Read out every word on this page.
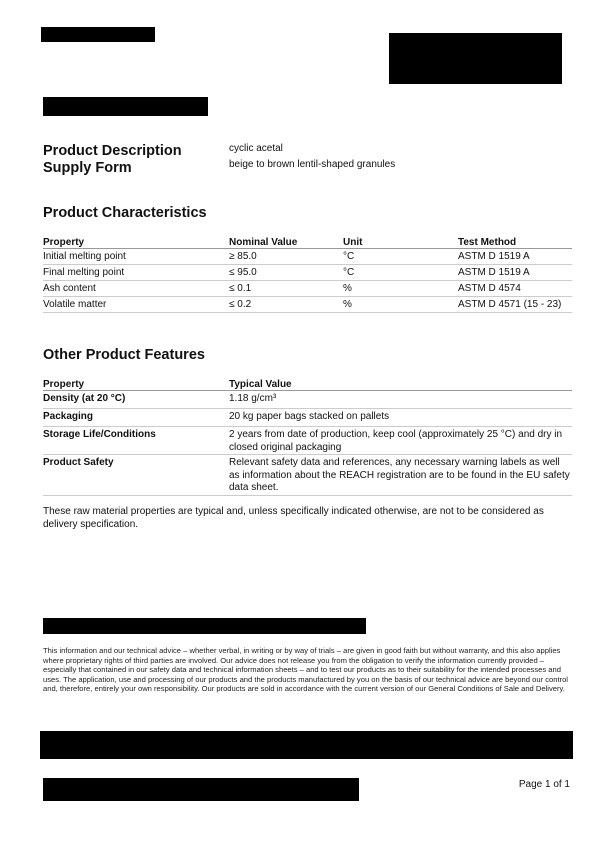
Product Description
Supply Form
cyclic acetal
beige to brown lentil-shaped granules
Product Characteristics
Property	Nominal Value	Unit	Test Method
Initial melting point	≥ 85.0	°C	ASTM D 1519 A
Final melting point	≤ 95.0	°C	ASTM D 1519 A
Ash content	≤ 0.1	%	ASTM D 4574
Volatile matter	≤ 0.2	%	ASTM D 4571 (15 - 23)
Other Product Features
Property	Typical Value
Density (at 20 °C)	1.18 g/cm³
Packaging	20 kg paper bags stacked on pallets
Storage Life/Conditions	2 years from date of production, keep cool (approximately 25 °C) and dry in closed original packaging
Product Safety	Relevant safety data and references, any necessary warning labels as well as information about the REACH registration are to be found in the EU safety data sheet.
These raw material properties are typical and, unless specifically indicated otherwise, are not to be considered as delivery specification.
This information and our technical advice – whether verbal, in writing or by way of trials – are given in good faith but without warranty, and this also applies where proprietary rights of third parties are involved. Our advice does not release you from the obligation to verify the information currently provided – especially that contained in our safety data and technical information sheets – and to test our products as to their suitability for the intended processes and uses. The application, use and processing of our products and the products manufactured by you on the basis of our technical advice are beyond our control and, therefore, entirely your own responsibility. Our products are sold in accordance with the current version of our General Conditions of Sale and Delivery.
Page 1 of 1
